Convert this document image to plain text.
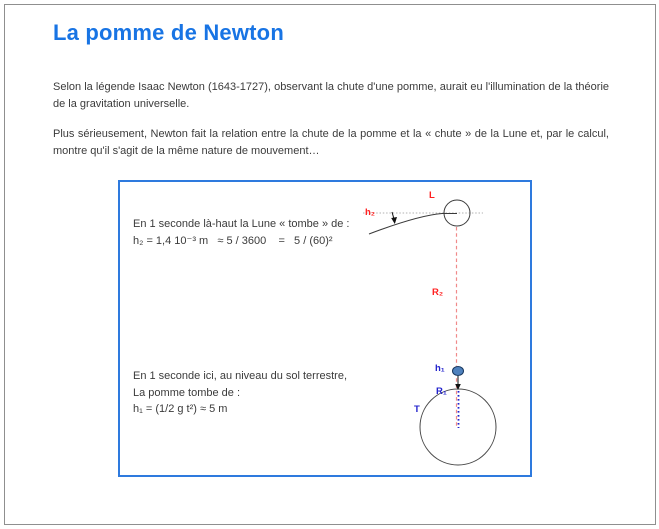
La pomme de Newton

Selon la légende Isaac Newton (1643-1727), observant la chute d'une pomme, aurait eu l'illumination de la théorie de la gravitation universelle.

Plus sérieusement, Newton fait la relation entre la chute de la pomme et la « chute » de la Lune et, par le calcul, montre qu'il s'agit de la même nature de mouvement…

En 1 seconde là-haut la Lune « tombe » de :
h₂ = 1,4 10⁻³ m   ≈ 5 / 3600    =   5 / (60)²
En 1 seconde ici, au niveau du sol terrestre,
La pomme tombe de :
h₁ = (1/2 g t²) ≈ 5 m
h₂
L
R₂
h₁
R₁
T
